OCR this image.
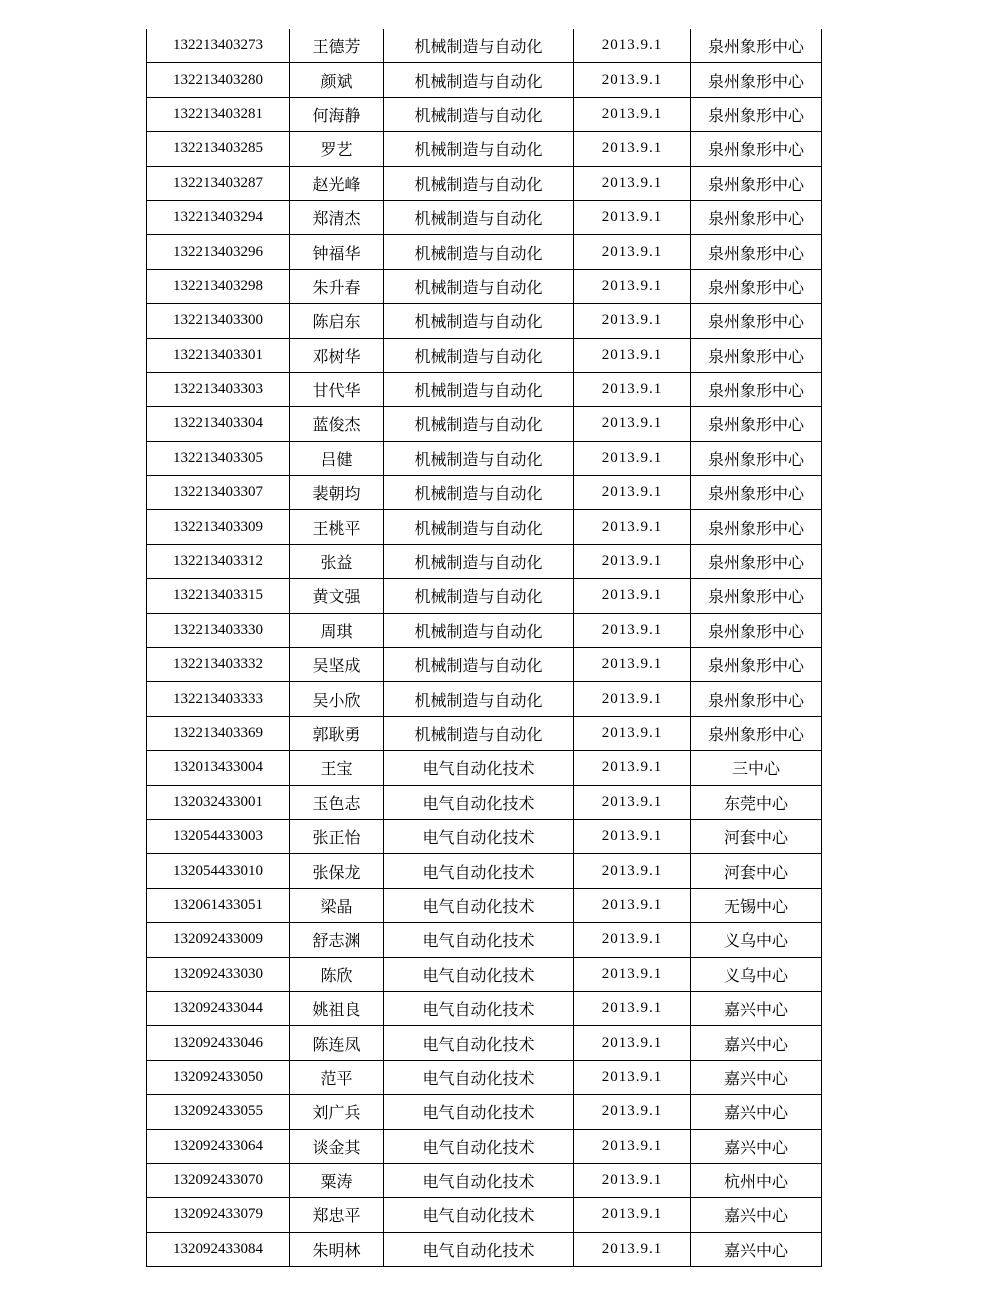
132213403273	王德芳	机械制造与自动化	2013.9.1	泉州象形中心
132213403280	颜斌	机械制造与自动化	2013.9.1	泉州象形中心
132213403281	何海静	机械制造与自动化	2013.9.1	泉州象形中心
132213403285	罗艺	机械制造与自动化	2013.9.1	泉州象形中心
132213403287	赵光峰	机械制造与自动化	2013.9.1	泉州象形中心
132213403294	郑清杰	机械制造与自动化	2013.9.1	泉州象形中心
132213403296	钟福华	机械制造与自动化	2013.9.1	泉州象形中心
132213403298	朱升春	机械制造与自动化	2013.9.1	泉州象形中心
132213403300	陈启东	机械制造与自动化	2013.9.1	泉州象形中心
132213403301	邓树华	机械制造与自动化	2013.9.1	泉州象形中心
132213403303	甘代华	机械制造与自动化	2013.9.1	泉州象形中心
132213403304	蓝俊杰	机械制造与自动化	2013.9.1	泉州象形中心
132213403305	吕健	机械制造与自动化	2013.9.1	泉州象形中心
132213403307	裴朝均	机械制造与自动化	2013.9.1	泉州象形中心
132213403309	王桃平	机械制造与自动化	2013.9.1	泉州象形中心
132213403312	张益	机械制造与自动化	2013.9.1	泉州象形中心
132213403315	黄文强	机械制造与自动化	2013.9.1	泉州象形中心
132213403330	周琪	机械制造与自动化	2013.9.1	泉州象形中心
132213403332	吴坚成	机械制造与自动化	2013.9.1	泉州象形中心
132213403333	吴小欣	机械制造与自动化	2013.9.1	泉州象形中心
132213403369	郭耿勇	机械制造与自动化	2013.9.1	泉州象形中心
132013433004	王宝	电气自动化技术	2013.9.1	三中心
132032433001	玉色志	电气自动化技术	2013.9.1	东莞中心
132054433003	张正怡	电气自动化技术	2013.9.1	河套中心
132054433010	张保龙	电气自动化技术	2013.9.1	河套中心
132061433051	梁晶	电气自动化技术	2013.9.1	无锡中心
132092433009	舒志渊	电气自动化技术	2013.9.1	义乌中心
132092433030	陈欣	电气自动化技术	2013.9.1	义乌中心
132092433044	姚祖良	电气自动化技术	2013.9.1	嘉兴中心
132092433046	陈连凤	电气自动化技术	2013.9.1	嘉兴中心
132092433050	范平	电气自动化技术	2013.9.1	嘉兴中心
132092433055	刘广兵	电气自动化技术	2013.9.1	嘉兴中心
132092433064	谈金其	电气自动化技术	2013.9.1	嘉兴中心
132092433070	粟涛	电气自动化技术	2013.9.1	杭州中心
132092433079	郑忠平	电气自动化技术	2013.9.1	嘉兴中心
132092433084	朱明林	电气自动化技术	2013.9.1	嘉兴中心
